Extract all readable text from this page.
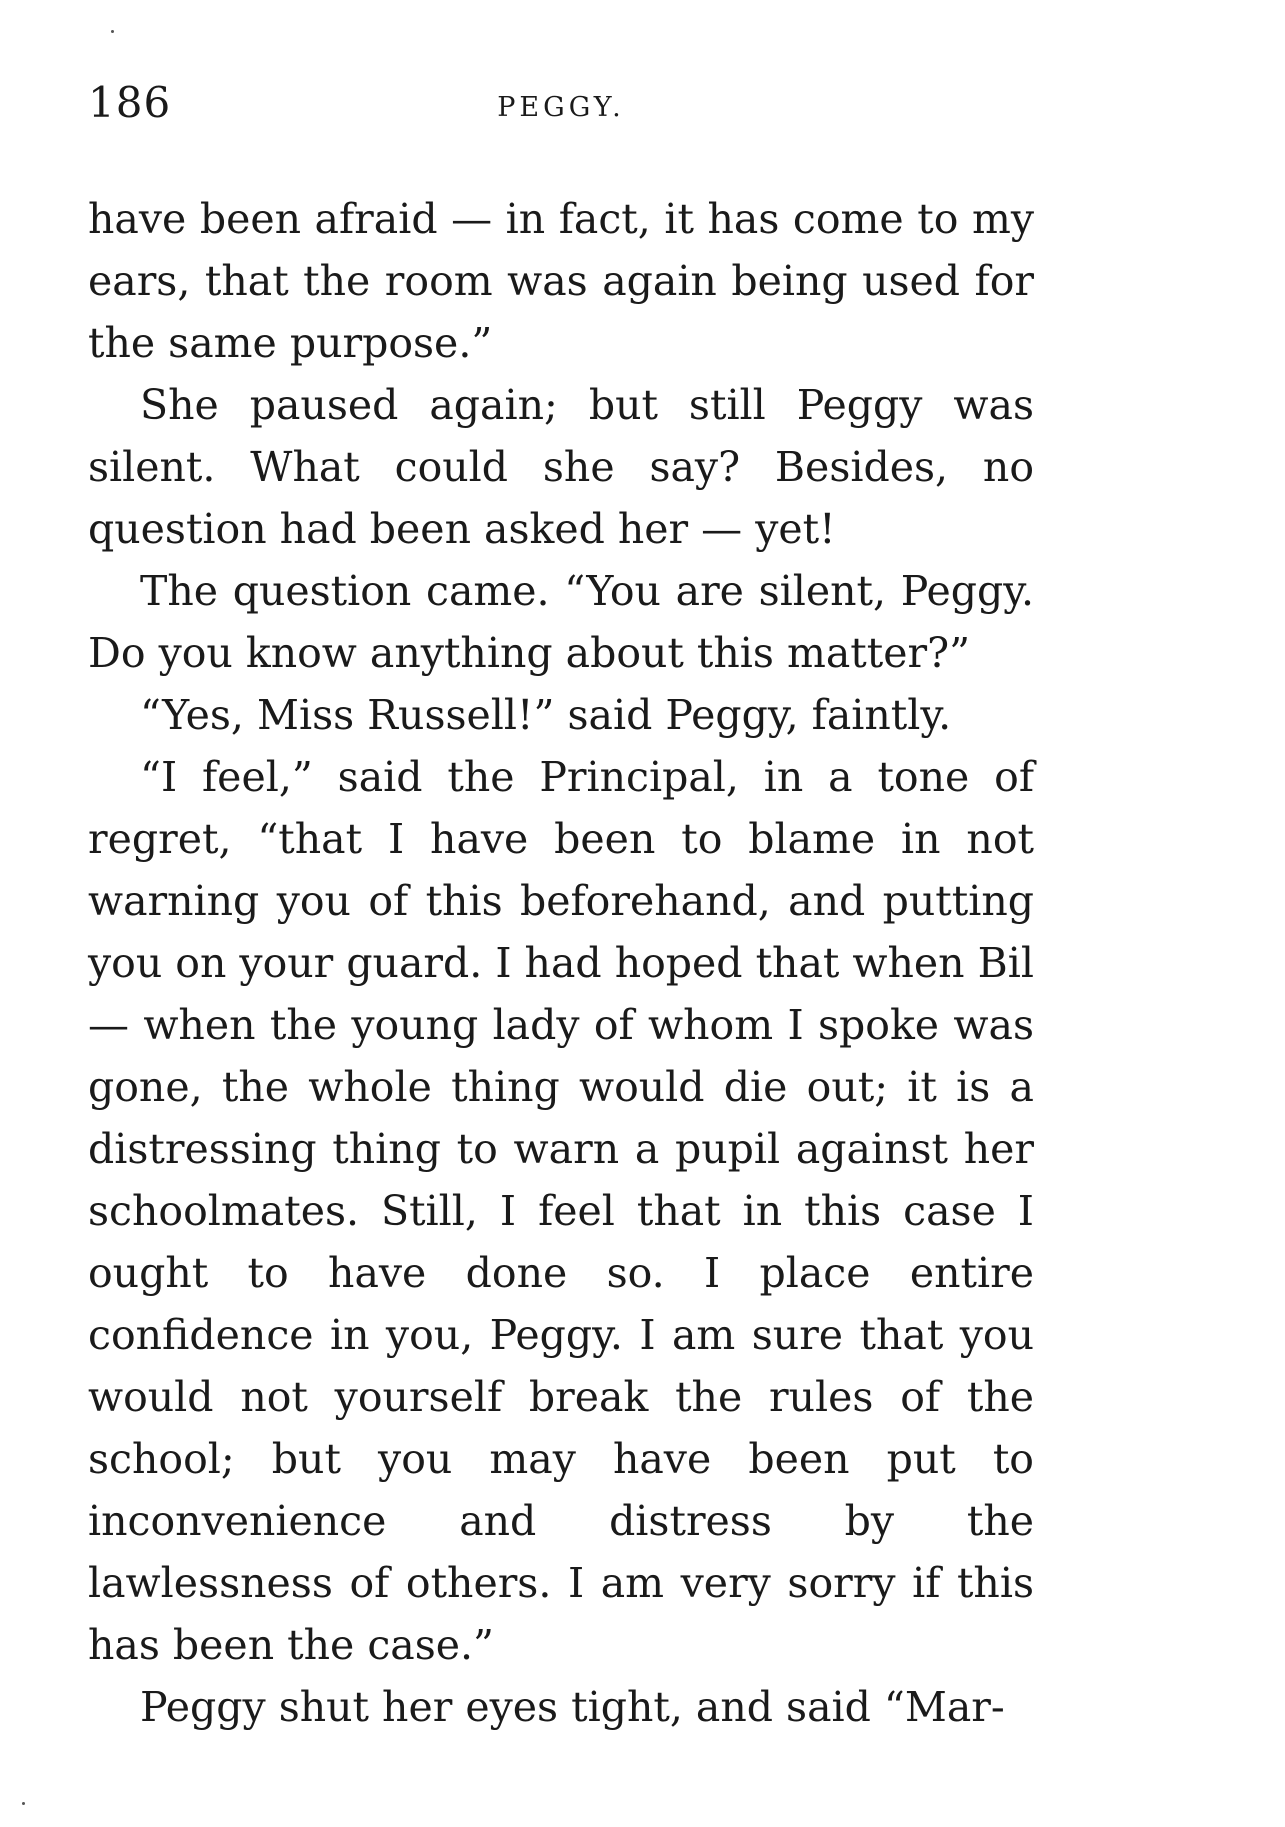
186	PEGGY.

have been afraid — in fact, it has come to my ears, that the room was again being used for the same purpose.”

She paused again; but still Peggy was silent. What could she say? Besides, no question had been asked her — yet!

The question came. “You are silent, Peggy. Do you know anything about this matter?”

“Yes, Miss Russell!” said Peggy, faintly.

“I feel,” said the Principal, in a tone of regret, “that I have been to blame in not warning you of this beforehand, and putting you on your guard. I had hoped that when Bil— when the young lady of whom I spoke was gone, the whole thing would die out; it is a distressing thing to warn a pupil against her schoolmates. Still, I feel that in this case I ought to have done so. I place entire confidence in you, Peggy. I am sure that you would not yourself break the rules of the school; but you may have been put to inconvenience and distress by the lawlessness of others. I am very sorry if this has been the case.”

Peggy shut her eyes tight, and said “Mar-
